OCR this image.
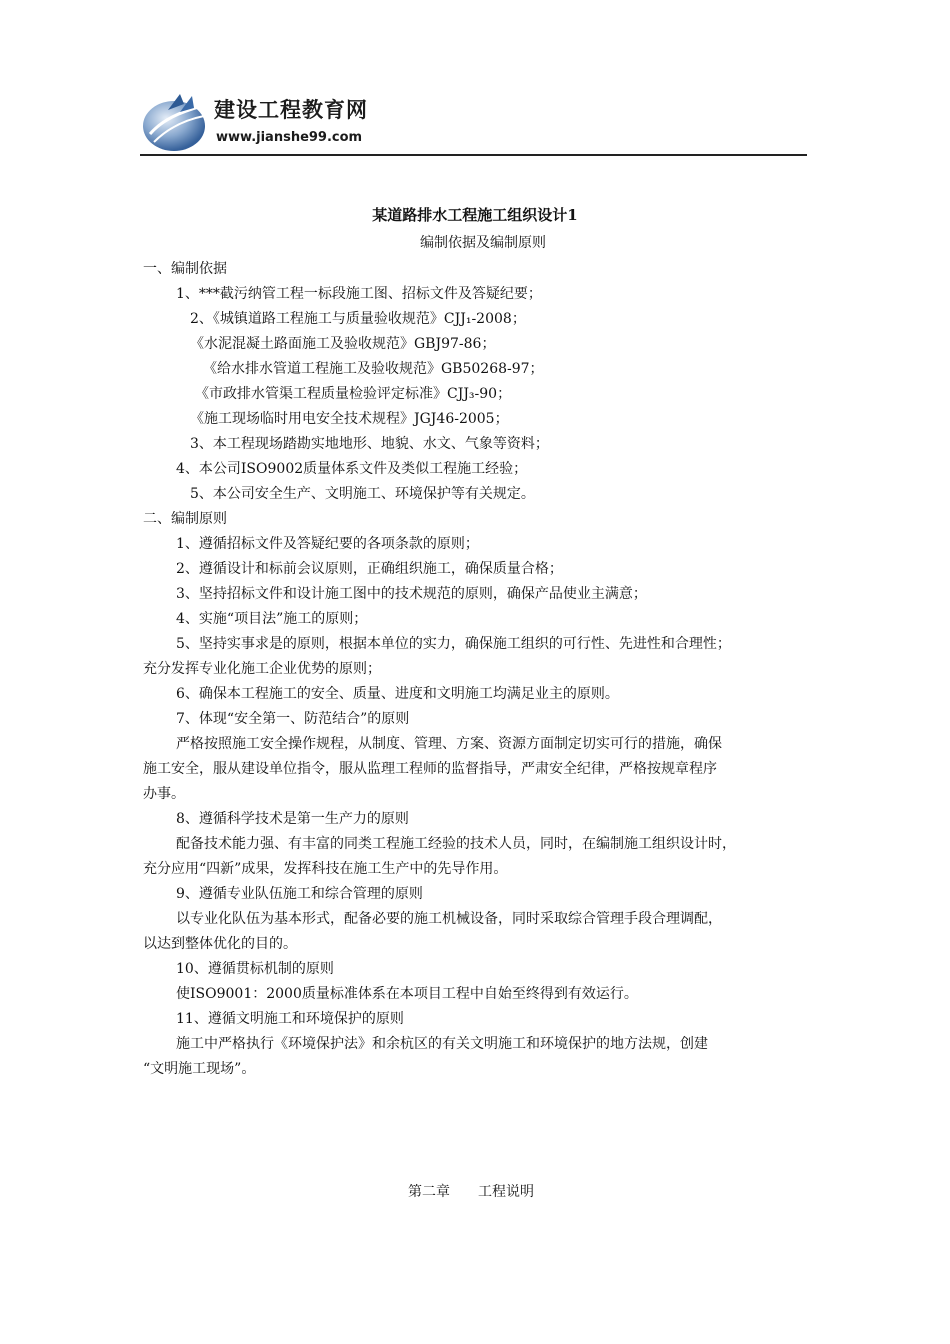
建设工程教育网
www.jianshe99.com
某道路排水工程施工组织设计1
编制依据及编制原则
一、编制依据
1、***截污纳管工程一标段施工图、招标文件及答疑纪要；
2、《城镇道路工程施工与质量验收规范》CJJ₁-2008；
《水泥混凝土路面施工及验收规范》GBJ97-86；
《给水排水管道工程施工及验收规范》GB50268-97；
《市政排水管渠工程质量检验评定标准》CJJ₃-90；
《施工现场临时用电安全技术规程》JGJ46-2005；
3、本工程现场踏勘实地地形、地貌、水文、气象等资料；
4、本公司ISO9002质量体系文件及类似工程施工经验；
5、本公司安全生产、文明施工、环境保护等有关规定。
二、编制原则
1、遵循招标文件及答疑纪要的各项条款的原则；
2、遵循设计和标前会议原则，正确组织施工，确保质量合格；
3、坚持招标文件和设计施工图中的技术规范的原则，确保产品使业主满意；
4、实施“项目法”施工的原则；
5、坚持实事求是的原则，根据本单位的实力，确保施工组织的可行性、先进性和合理性；
充分发挥专业化施工企业优势的原则；
6、确保本工程施工的安全、质量、进度和文明施工均满足业主的原则。
7、体现“安全第一、防范结合”的原则
严格按照施工安全操作规程，从制度、管理、方案、资源方面制定切实可行的措施，确保
施工安全，服从建设单位指令，服从监理工程师的监督指导，严肃安全纪律，严格按规章程序
办事。
8、遵循科学技术是第一生产力的原则
配备技术能力强、有丰富的同类工程施工经验的技术人员，同时，在编制施工组织设计时，
充分应用“四新”成果，发挥科技在施工生产中的先导作用。
9、遵循专业队伍施工和综合管理的原则
以专业化队伍为基本形式，配备必要的施工机械设备，同时采取综合管理手段合理调配，
以达到整体优化的目的。
10、遵循贯标机制的原则
使ISO9001：2000质量标准体系在本项目工程中自始至终得到有效运行。
11、遵循文明施工和环境保护的原则
施工中严格执行《环境保护法》和余杭区的有关文明施工和环境保护的地方法规，创建
“文明施工现场”。
第二章　　工程说明
